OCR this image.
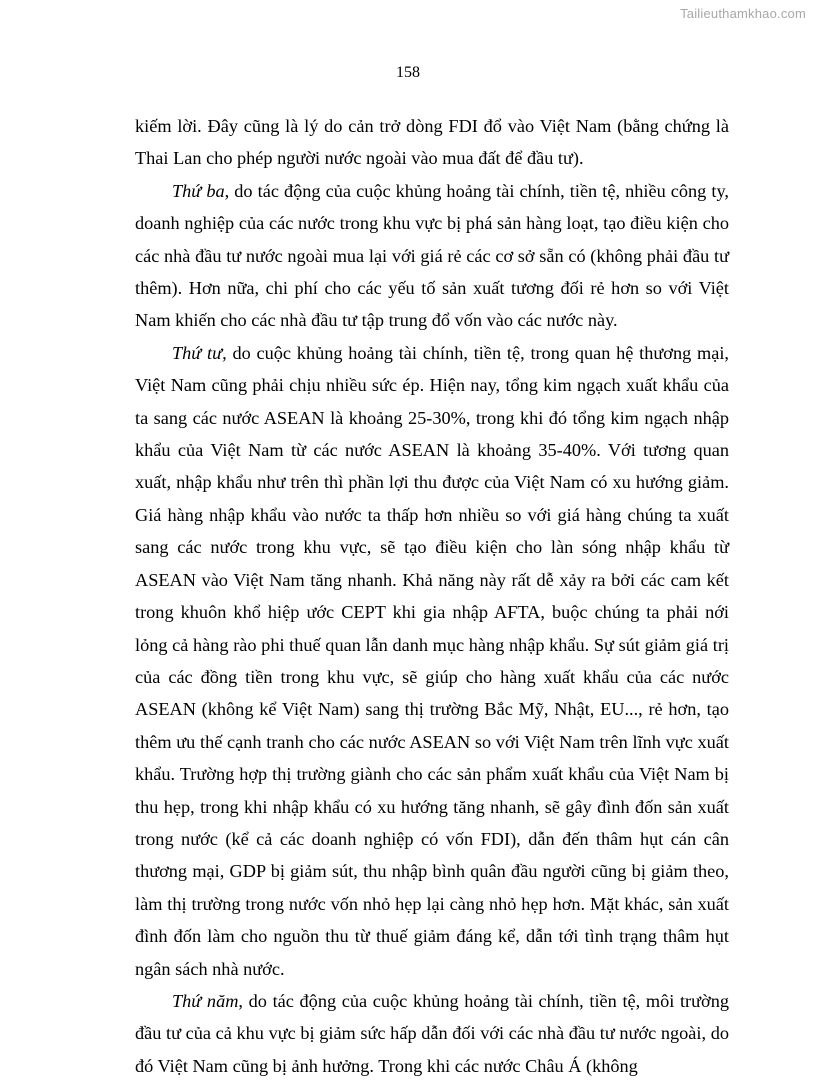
Tailieuthamkhao.com
158

kiếm lời. Đây cũng là lý do cản trở dòng FDI đổ vào Việt Nam (bằng chứng là Thai Lan cho phép người nước ngoài vào mua đất để đầu tư).

Thứ ba, do tác động của cuộc khủng hoảng tài chính, tiền tệ, nhiều công ty, doanh nghiệp của các nước trong khu vực bị phá sản hàng loạt, tạo điều kiện cho các nhà đầu tư nước ngoài mua lại với giá rẻ các cơ sở sẵn có (không phải đầu tư thêm). Hơn nữa, chi phí cho các yếu tố sản xuất tương đối rẻ hơn so với Việt Nam khiến cho các nhà đầu tư tập trung đổ vốn vào các nước này.

Thứ tư, do cuộc khủng hoảng tài chính, tiền tệ, trong quan hệ thương mại, Việt Nam cũng phải chịu nhiều sức ép. Hiện nay, tổng kim ngạch xuất khẩu của ta sang các nước ASEAN là khoảng 25-30%, trong khi đó tổng kim ngạch nhập khẩu của Việt Nam từ các nước ASEAN là khoảng 35-40%. Với tương quan xuất, nhập khẩu như trên thì phần lợi thu được của Việt Nam có xu hướng giảm. Giá hàng nhập khẩu vào nước ta thấp hơn nhiều so với giá hàng chúng ta xuất sang các nước trong khu vực, sẽ tạo điều kiện cho làn sóng nhập khẩu từ ASEAN vào Việt Nam tăng nhanh. Khả năng này rất dễ xảy ra bởi các cam kết trong khuôn khổ hiệp ước CEPT khi gia nhập AFTA, buộc chúng ta phải nới lỏng cả hàng rào phi thuế quan lẫn danh mục hàng nhập khẩu. Sự sút giảm giá trị của các đồng tiền trong khu vực, sẽ giúp cho hàng xuất khẩu của các nước ASEAN (không kể Việt Nam) sang thị trường Bắc Mỹ, Nhật, EU..., rẻ hơn, tạo thêm ưu thế cạnh tranh cho các nước ASEAN so với Việt Nam trên lĩnh vực xuất khẩu. Trường hợp thị trường giành cho các sản phẩm xuất khẩu của Việt Nam bị thu hẹp, trong khi nhập khẩu có xu hướng tăng nhanh, sẽ gây đình đốn sản xuất trong nước (kể cả các doanh nghiệp có vốn FDI), dẫn đến thâm hụt cán cân thương mại, GDP bị giảm sút, thu nhập bình quân đầu người cũng bị giảm theo, làm thị trường trong nước vốn nhỏ hẹp lại càng nhỏ hẹp hơn. Mặt khác, sản xuất đình đốn làm cho nguồn thu từ thuế giảm đáng kể, dẫn tới tình trạng thâm hụt ngân sách nhà nước.

Thứ năm, do tác động của cuộc khủng hoảng tài chính, tiền tệ, môi trường đầu tư của cả khu vực bị giảm sức hấp dẫn đối với các nhà đầu tư nước ngoài, do đó Việt Nam cũng bị ảnh hưởng. Trong khi các nước Châu Á (không
